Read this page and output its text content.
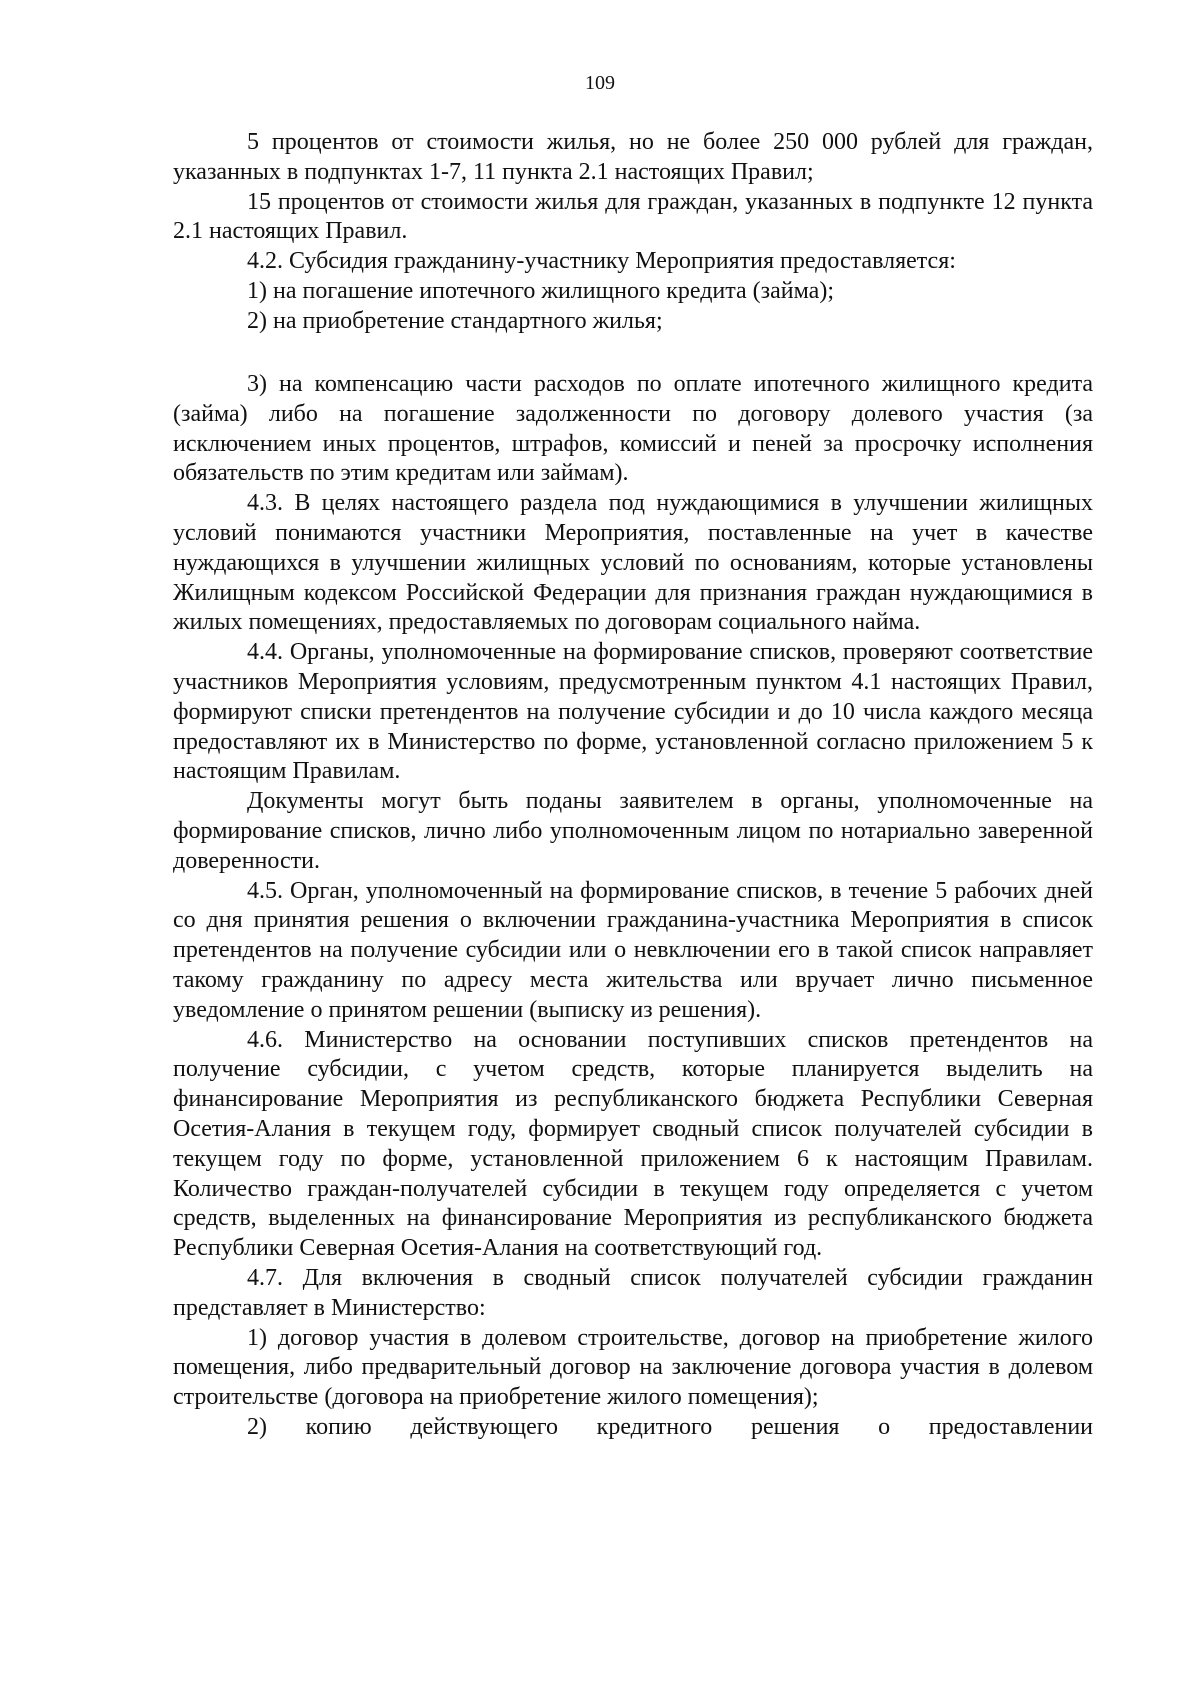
109

5 процентов от стоимости жилья, но не более 250 000 рублей для граждан, указанных в подпунктах 1-7, 11 пункта 2.1 настоящих Правил;

15 процентов от стоимости жилья для граждан, указанных в подпункте 12 пункта 2.1 настоящих Правил.

4.2. Субсидия гражданину-участнику Мероприятия предоставляется:

1) на погашение ипотечного жилищного кредита (займа);

2) на приобретение стандартного жилья;

3) на компенсацию части расходов по оплате ипотечного жилищного кредита (займа) либо на погашение задолженности по договору долевого участия (за исключением иных процентов, штрафов, комиссий и пеней за просрочку исполнения обязательств по этим кредитам или займам).

4.3. В целях настоящего раздела под нуждающимися в улучшении жилищных условий понимаются участники Мероприятия, поставленные на учет в качестве нуждающихся в улучшении жилищных условий по основаниям, которые установлены Жилищным кодексом Российской Федерации для признания граждан нуждающимися в жилых помещениях, предоставляемых по договорам социального найма.

4.4. Органы, уполномоченные на формирование списков, проверяют соответствие участников Мероприятия условиям, предусмотренным пунктом 4.1 настоящих Правил, формируют списки претендентов на получение субсидии и до 10 числа каждого месяца предоставляют их в Министерство по форме, установленной согласно приложением 5 к настоящим Правилам.

Документы могут быть поданы заявителем в органы, уполномоченные на формирование списков, лично либо уполномоченным лицом по нотариально заверенной доверенности.

4.5. Орган, уполномоченный на формирование списков, в течение 5 рабочих дней со дня принятия решения о включении гражданина-участника Мероприятия в список претендентов на получение субсидии или о невключении его в такой список направляет такому гражданину по адресу места жительства или вручает лично письменное уведомление о принятом решении (выписку из решения).

4.6. Министерство на основании поступивших списков претендентов на получение субсидии, с учетом средств, которые планируется выделить на финансирование Мероприятия из республиканского бюджета Республики Северная Осетия-Алания в текущем году, формирует сводный список получателей субсидии в текущем году по форме, установленной приложением 6 к настоящим Правилам. Количество граждан-получателей субсидии в текущем году определяется с учетом средств, выделенных на финансирование Мероприятия из республиканского бюджета Республики Северная Осетия-Алания на соответствующий год.

4.7. Для включения в сводный список получателей субсидии гражданин представляет в Министерство:

1) договор участия в долевом строительстве, договор на приобретение жилого помещения, либо предварительный договор на заключение договора участия в долевом строительстве (договора на приобретение жилого помещения);

2) копию действующего кредитного решения о предоставлении
